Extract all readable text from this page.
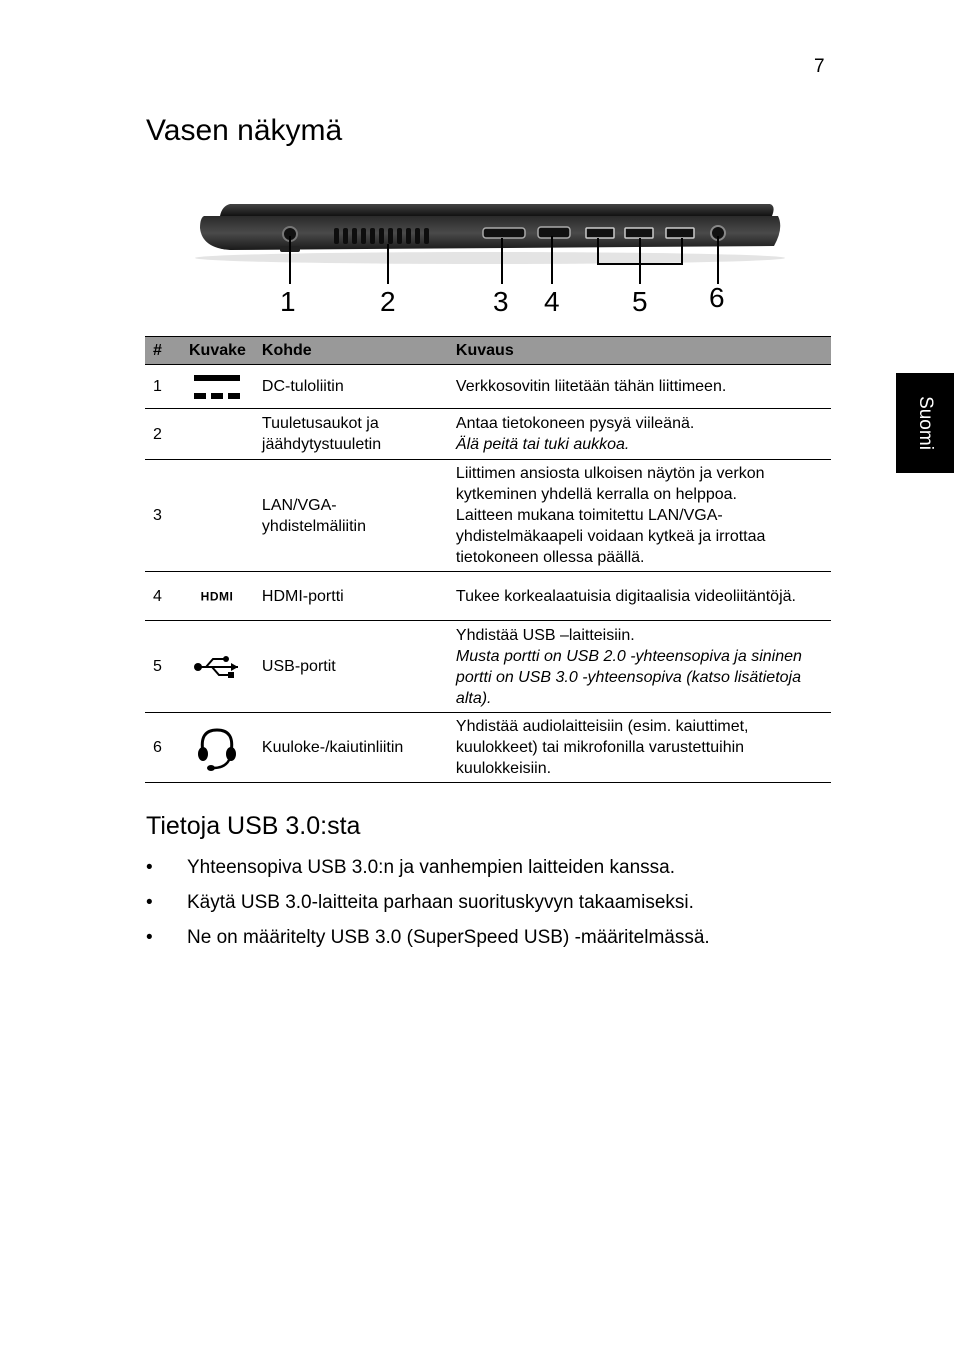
7
Suomi
Vasen näkymä
1	2	3 4	5 6
#	Kuvake	Kohde	Kuvaus
1		DC-tuloliitin	Verkkosovitin liitetään tähän liittimeen.

2		Tuuletusaukot ja jäähdytystuuletin	Antaa tietokoneen pysyä viileänä.
Älä peitä tai tuki aukkoa.

3		LAN/VGA-yhdistelmäliitin	Liittimen ansiosta ulkoisen näytön ja verkon kytkeminen yhdellä kerralla on helppoa.
Laitteen mukana toimitettu LAN/VGA-yhdistelmäkaapeli voidaan kytkeä ja irrottaa tietokoneen ollessa päällä.

4	HDMI	HDMI-portti	Tukee korkealaatuisia digitaalisia videoliitäntöjä.

5		USB-portit	Yhdistää USB –laitteisiin.
Musta portti on USB 2.0 -yhteensopiva ja sininen portti on USB 3.0 -yhteensopiva (katso lisätietoja alta).

6		Kuuloke-/kaiutinliitin	Yhdistää audiolaitteisiin (esim. kaiuttimet, kuulokkeet) tai mikrofonilla varustettuihin kuulokkeisiin.
Tietoja USB 3.0:sta
• Yhteensopiva USB 3.0:n ja vanhempien laitteiden kanssa.
• Käytä USB 3.0-laitteita parhaan suorituskyvyn takaamiseksi.
• Ne on määritelty USB 3.0 (SuperSpeed USB) -määritelmässä.
